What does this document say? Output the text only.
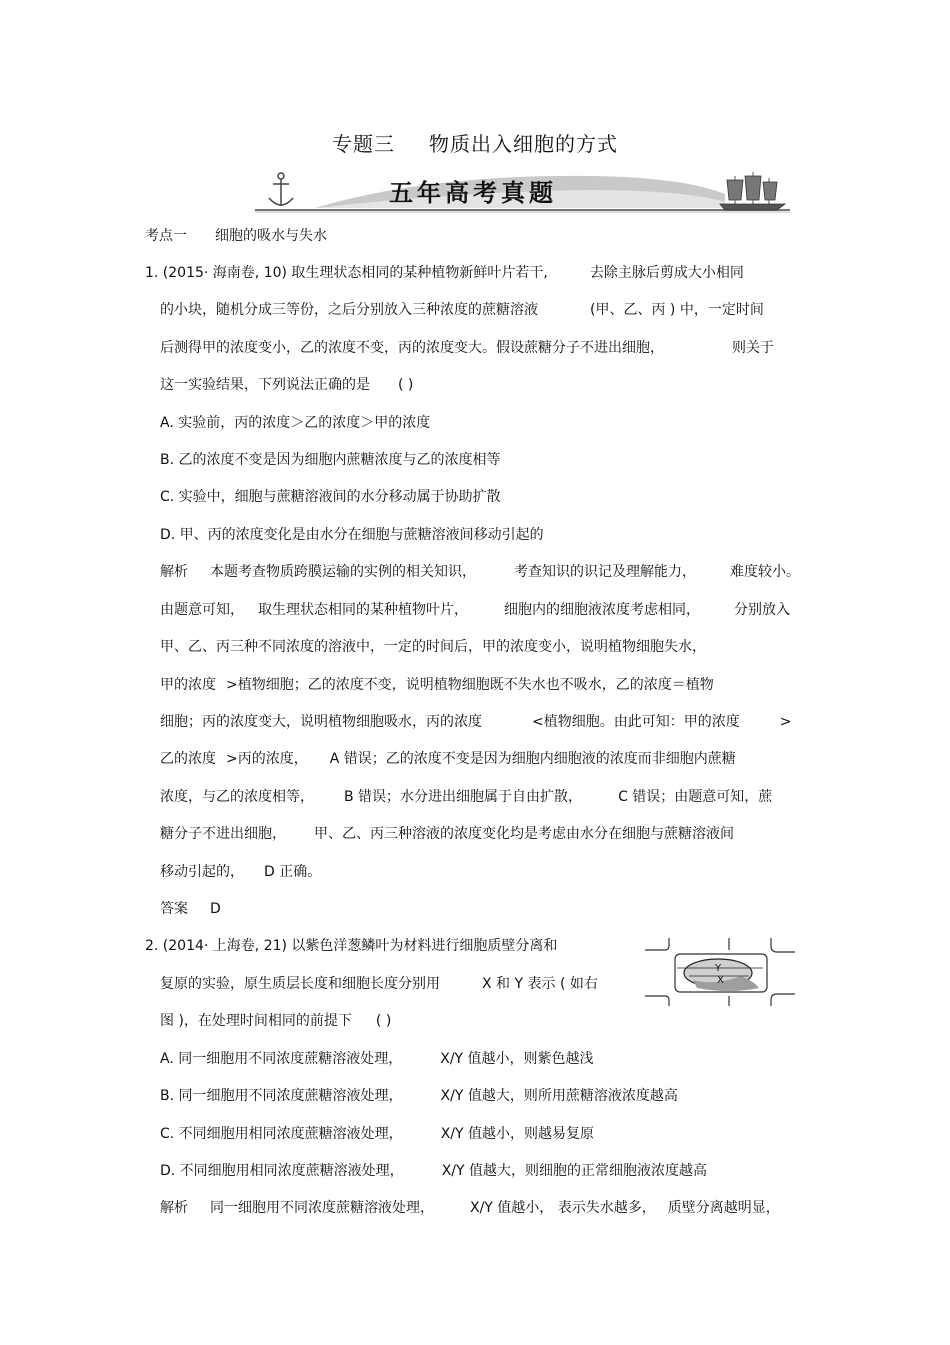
专题三 物质出入细胞的方式
五年高考真题
考点一 细胞的吸水与失水
1. (2015· 海南卷, 10) 取生理状态相同的某种植物新鲜叶片若干,	去除主脉后剪成大小相同
的小块，随机分成三等份，之后分别放入三种浓度的蔗糖溶液	(甲、乙、丙 ) 中，一定时间
后测得甲的浓度变小，乙的浓度不变，丙的浓度变大。假设蔗糖分子不进出细胞，	则关于
这一实验结果，下列说法正确的是 ( )
A. 实验前，丙的浓度＞乙的浓度＞甲的浓度
B. 乙的浓度不变是因为细胞内蔗糖浓度与乙的浓度相等
C. 实验中，细胞与蔗糖溶液间的水分移动属于协助扩散
D. 甲、丙的浓度变化是由水分在细胞与蔗糖溶液间移动引起的
解析 本题考查物质跨膜运输的实例的相关知识，	考查知识的识记及理解能力， 难度较小。
由题意可知， 取生理状态相同的某种植物叶片，	细胞内的细胞液浓度考虑相同， 分别放入
甲、乙、丙三种不同浓度的溶液中，一定的时间后，甲的浓度变小，说明植物细胞失水，
甲的浓度 >植物细胞；乙的浓度不变，说明植物细胞既不失水也不吸水，乙的浓度＝植物
细胞；丙的浓度变大，说明植物细胞吸水，丙的浓度	<植物细胞。由此可知：甲的浓度	>
乙的浓度 >丙的浓度， A 错误；乙的浓度不变是因为细胞内细胞液的浓度而非细胞内蔗糖
浓度，与乙的浓度相等， B 错误；水分进出细胞属于自由扩散，	C 错误；由题意可知，蔗
糖分子不进出细胞， 甲、乙、丙三种溶液的浓度变化均是考虑由水分在细胞与蔗糖溶液间
移动引起的， D 正确。
答案 D
2. (2014· 上海卷, 21) 以紫色洋葱鳞叶为材料进行细胞质壁分离和
复原的实验，原生质层长度和细胞长度分别用	X 和 Y 表示 ( 如右
图 )，在处理时间相同的前提下 ( )
Y
X
A. 同一细胞用不同浓度蔗糖溶液处理，	X/Y 值越小，则紫色越浅
B. 同一细胞用不同浓度蔗糖溶液处理，	X/Y 值越大，则所用蔗糖溶液浓度越高
C. 不同细胞用相同浓度蔗糖溶液处理，	X/Y 值越小，则越易复原
D. 不同细胞用相同浓度蔗糖溶液处理，	X/Y 值越大，则细胞的正常细胞液浓度越高
解析 同一细胞用不同浓度蔗糖溶液处理，	X/Y 值越小， 表示失水越多， 质壁分离越明显，
